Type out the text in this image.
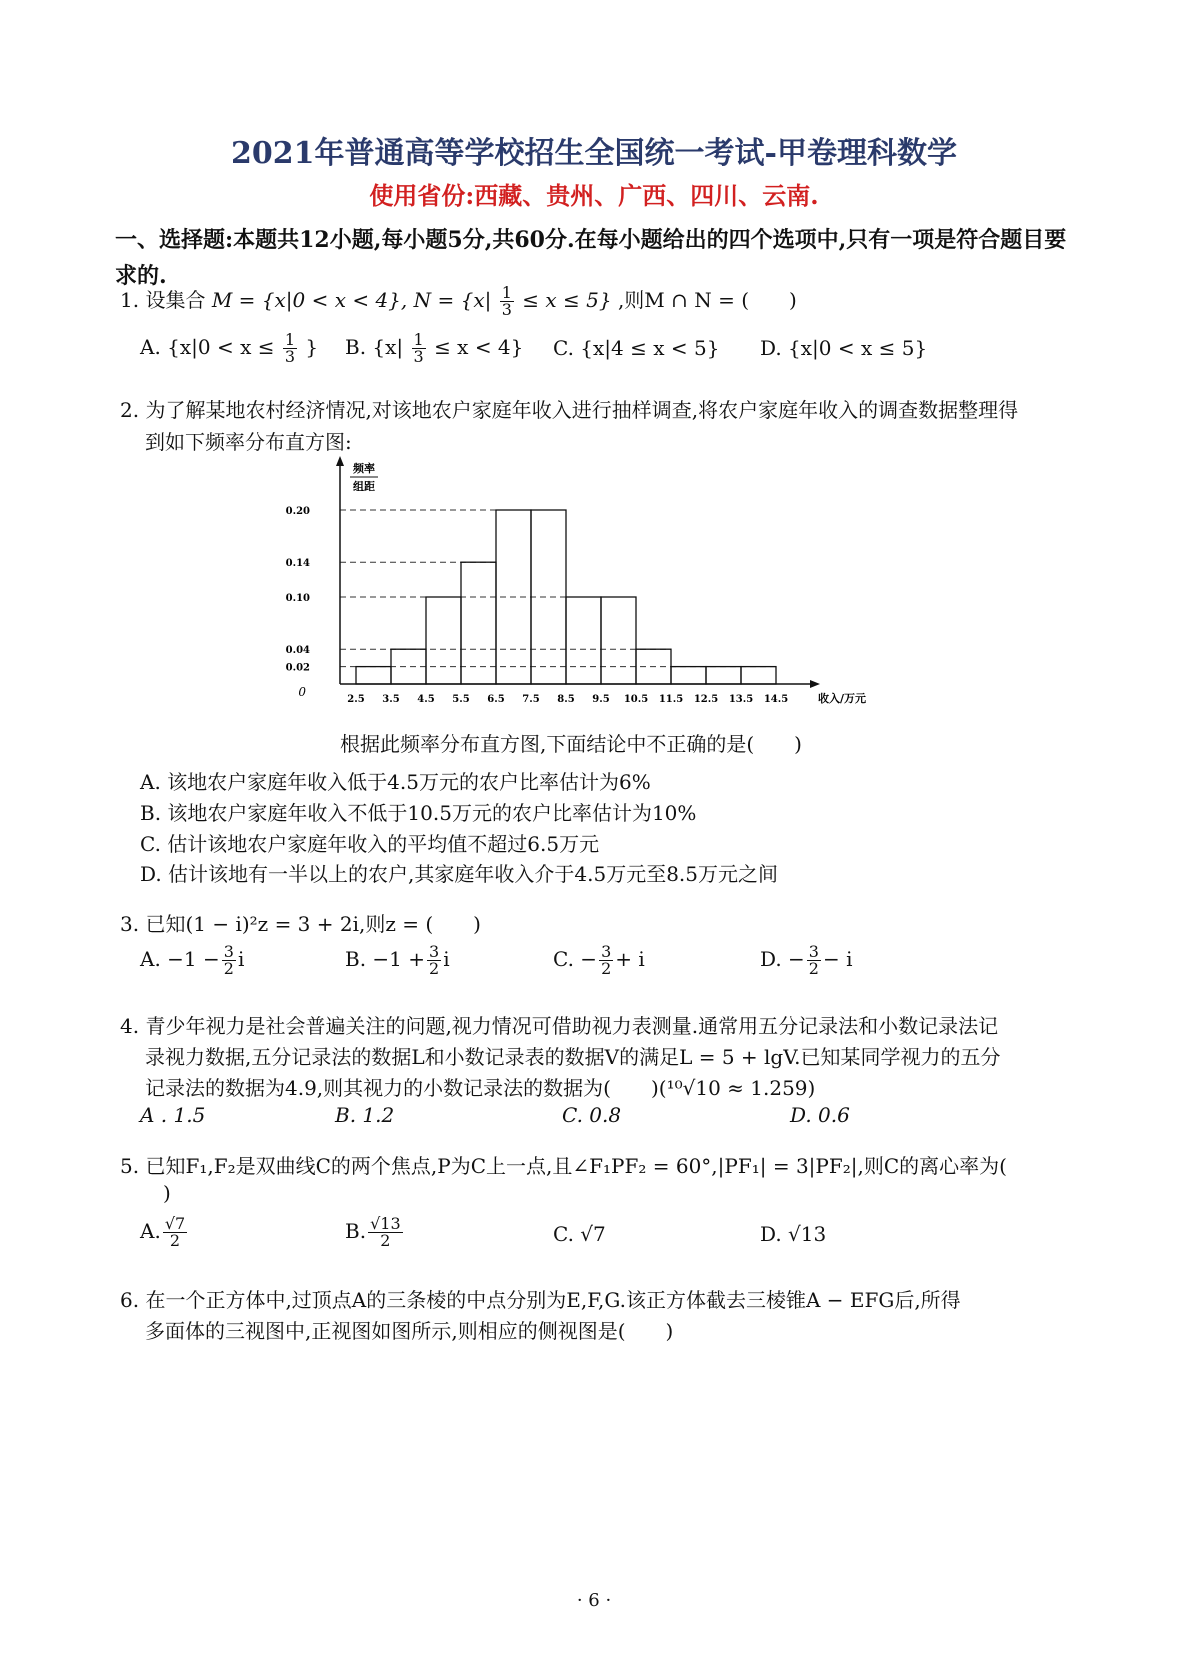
2021年普通高等学校招生全国统一考试-甲卷理科数学
使用省份:西藏、贵州、广西、四川、云南.
一、选择题:本题共12小题,每小题5分,共60分.在每小题给出的四个选项中,只有一项是符合题目要求的.
1. 设集合 M = {x|0 < x < 4}, $N = \{x| \frac{1}{3} \le x \le 5\}$ ,则M ∩ N = (　　)
A. {$x|0 < x \le \frac{1}{3}$ } B. $\{x| \frac{1}{3} \le x < 4\}$ C. {x|4 ≤ x < 5} D. {x|0 < x ≤ 5}
2. 为了解某地农村经济情况,对该地农户家庭年收入进行抽样调查,将农户家庭年收入的调查数据整理得
到如下频率分布直方图:
频率
组距
0.02
0.04
0.10
0.14
0.20
0
2.5 3.5 4.5 5.5 6.5 7.5 8.5 9.5 10.5 11.5 12.5 13.5 14.5	收入/万元
根据此频率分布直方图,下面结论中不正确的是(　　)
A. 该地农户家庭年收入低于4.5万元的农户比率估计为6%
B. 该地农户家庭年收入不低于10.5万元的农户比率估计为10%
C. 估计该地农户家庭年收入的平均值不超过6.5万元
D. 估计该地有一半以上的农户,其家庭年收入介于4.5万元至8.5万元之间
3. 已知(1 − i)²z = 3 + 2i,则z = (　　)
A. $-1 - \frac{3}{2}$ i	B. $-1 + \frac{3}{2}$ i	C. − $\frac{3}{2} + i$	D. − $\frac{3}{2} - i$
4. 青少年视力是社会普遍关注的问题,视力情况可借助视力表测量.通常用五分记录法和小数记录法记
录视力数据,五分记录法的数据L和小数记录表的数据V的满足L = 5 + lgV.已知某同学视力的五分
记录法的数据为4.9,则其视力的小数记录法的数据为(　　)(¹⁰√10 ≈ 1.259)
A . 1.5	B. 1.2	C. 0.8	D. 0.6
5. 已知F₁,F₂是双曲线C的两个焦点,P为C上一点,且∠F₁PF₂ = 60°,|PF₁| = 3|PF₂|,则C的离心率为(
)
A. $\frac{√7}{2}$	B. $\frac{√13}{2}$	C. √7	D. √13
6. 在一个正方体中,过顶点A的三条棱的中点分别为E,F,G.该正方体截去三棱锥A − EFG后,所得
多面体的三视图中,正视图如图所示,则相应的侧视图是(　　)
· 6 ·
